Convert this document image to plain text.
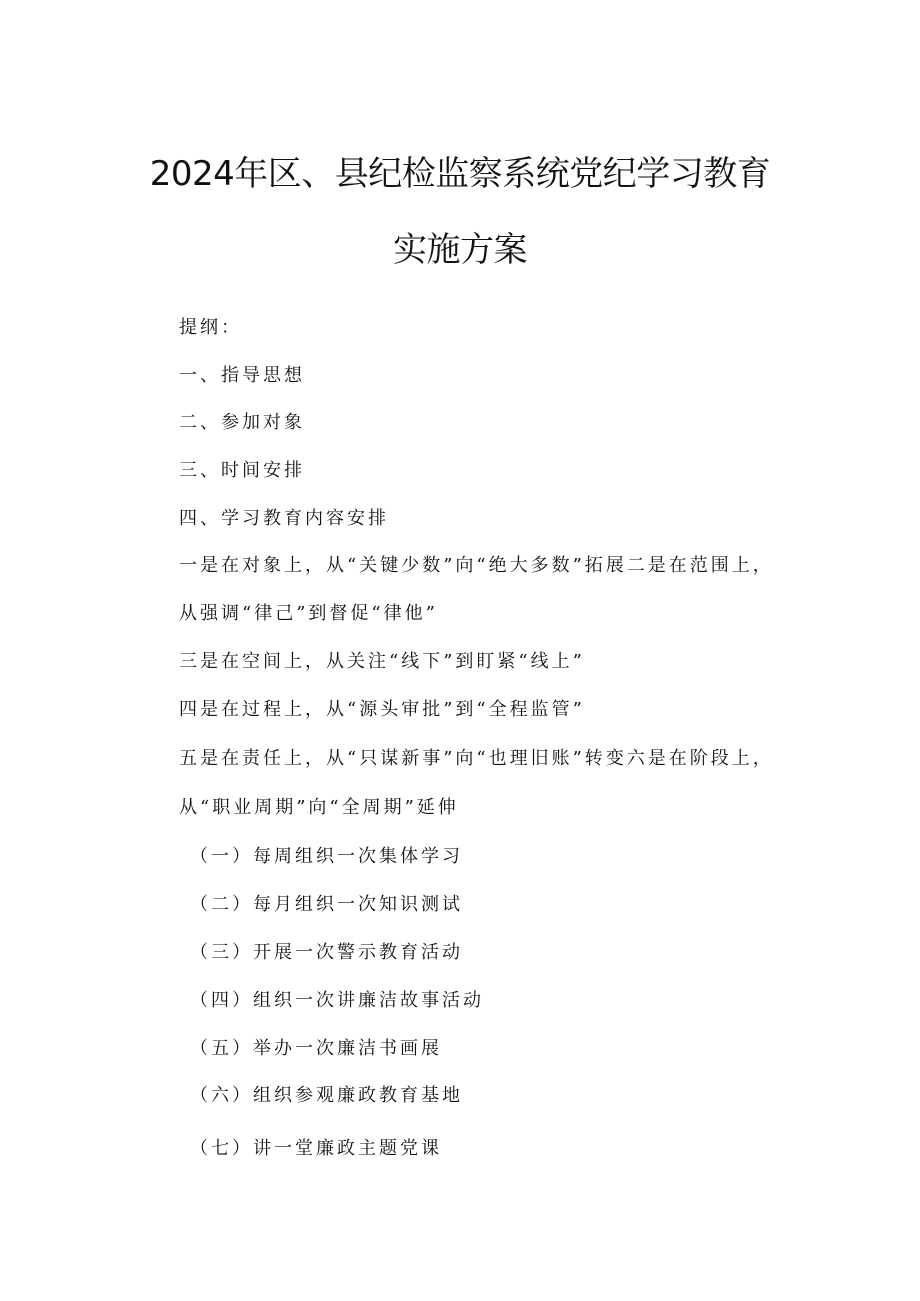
2024年区、县纪检监察系统党纪学习教育
实施方案
提纲：
一、指导思想
二、参加对象
三、时间安排
四、学习教育内容安排
一是在对象上，从“关键少数”向“绝大多数”拓展二是在范围上，
从强调“律己”到督促“律他”
三是在空间上，从关注“线下”到盯紧“线上”
四是在过程上，从“源头审批”到“全程监管”
五是在责任上，从“只谋新事”向“也理旧账”转变六是在阶段上，
从“职业周期”向“全周期”延伸
（一）每周组织一次集体学习
（二）每月组织一次知识测试
（三）开展一次警示教育活动
（四）组织一次讲廉洁故事活动
（五）举办一次廉洁书画展
（六）组织参观廉政教育基地
（七）讲一堂廉政主题党课
